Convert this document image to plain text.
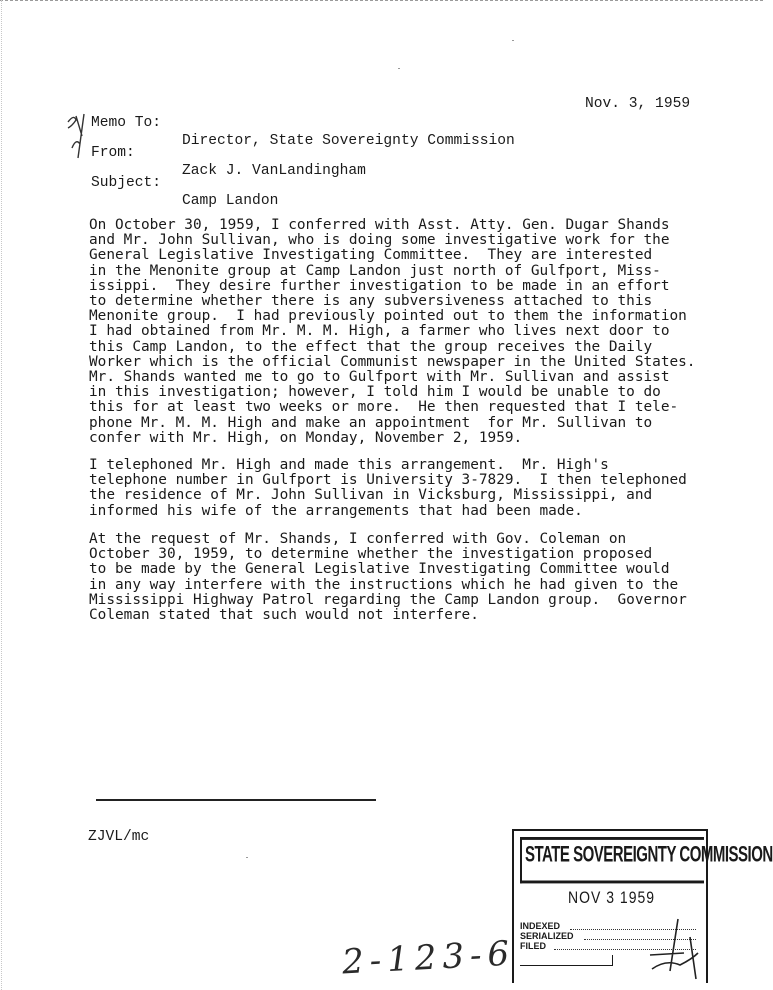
Memo To:

Director, State Sovereignty Commission

Nov. 3, 1959

From:

Zack J. VanLandingham

Subject:

Camp Landon

On October 30, 1959, I conferred with Asst. Atty. Gen. Dugar Shands
and Mr. John Sullivan, who is doing some investigative work for the
General Legislative Investigating Committee.  They are interested
in the Menonite group at Camp Landon just north of Gulfport, Miss-
issippi.  They desire further investigation to be made in an effort
to determine whether there is any subversiveness attached to this
Menonite group.  I had previously pointed out to them the information
I had obtained from Mr. M. M. High, a farmer who lives next door to
this Camp Landon, to the effect that the group receives the Daily
Worker which is the official Communist newspaper in the United States.
Mr. Shands wanted me to go to Gulfport with Mr. Sullivan and assist
in this investigation; however, I told him I would be unable to do
this for at least two weeks or more.  He then requested that I tele-
phone Mr. M. M. High and make an appointment  for Mr. Sullivan to
confer with Mr. High, on Monday, November 2, 1959.
I telephoned Mr. High and made this arrangement.  Mr. High's
telephone number in Gulfport is University 3-7829.  I then telephoned
the residence of Mr. John Sullivan in Vicksburg, Mississippi, and
informed his wife of the arrangements that had been made.
At the request of Mr. Shands, I conferred with Gov. Coleman on
October 30, 1959, to determine whether the investigation proposed
to be made by the General Legislative Investigating Committee would
in any way interfere with the instructions which he had given to the
Mississippi Highway Patrol regarding the Camp Landon group.  Governor
Coleman stated that such would not interfere.
ZJVL/mc
STATE SOVEREIGNTY COMMISSION
NOV 3 1959
INDEXED
SERIALIZED
FILED
2-123-6
